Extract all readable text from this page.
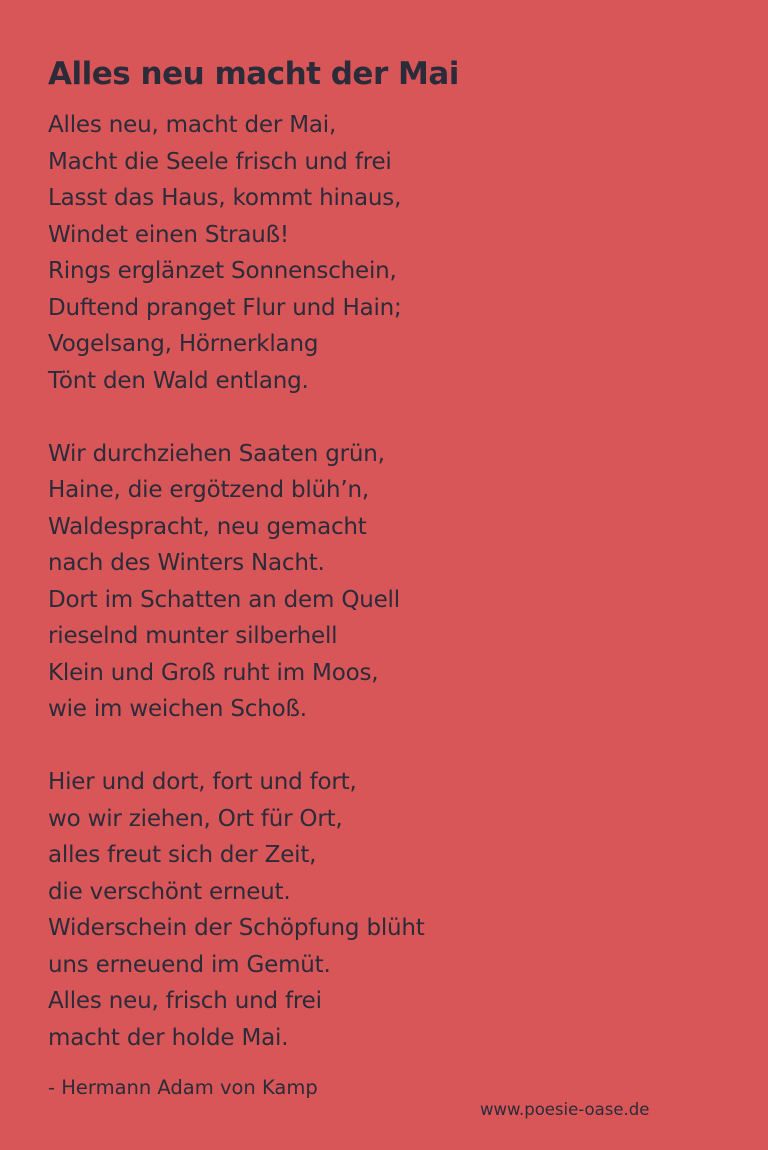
Alles neu macht der Mai
Alles neu, macht der Mai,
Macht die Seele frisch und frei
Lasst das Haus, kommt hinaus,
Windet einen Strauß!
Rings erglänzet Sonnenschein,
Duftend pranget Flur und Hain;
Vogelsang, Hörnerklang
Tönt den Wald entlang.
Wir durchziehen Saaten grün,
Haine, die ergötzend blüh’n,
Waldespracht, neu gemacht
nach des Winters Nacht.
Dort im Schatten an dem Quell
rieselnd munter silberhell
Klein und Groß ruht im Moos,
wie im weichen Schoß.
Hier und dort, fort und fort,
wo wir ziehen, Ort für Ort,
alles freut sich der Zeit,
die verschönt erneut.
Widerschein der Schöpfung blüht
uns erneuend im Gemüt.
Alles neu, frisch und frei
macht der holde Mai.
- Hermann Adam von Kamp
www.poesie-oase.de
